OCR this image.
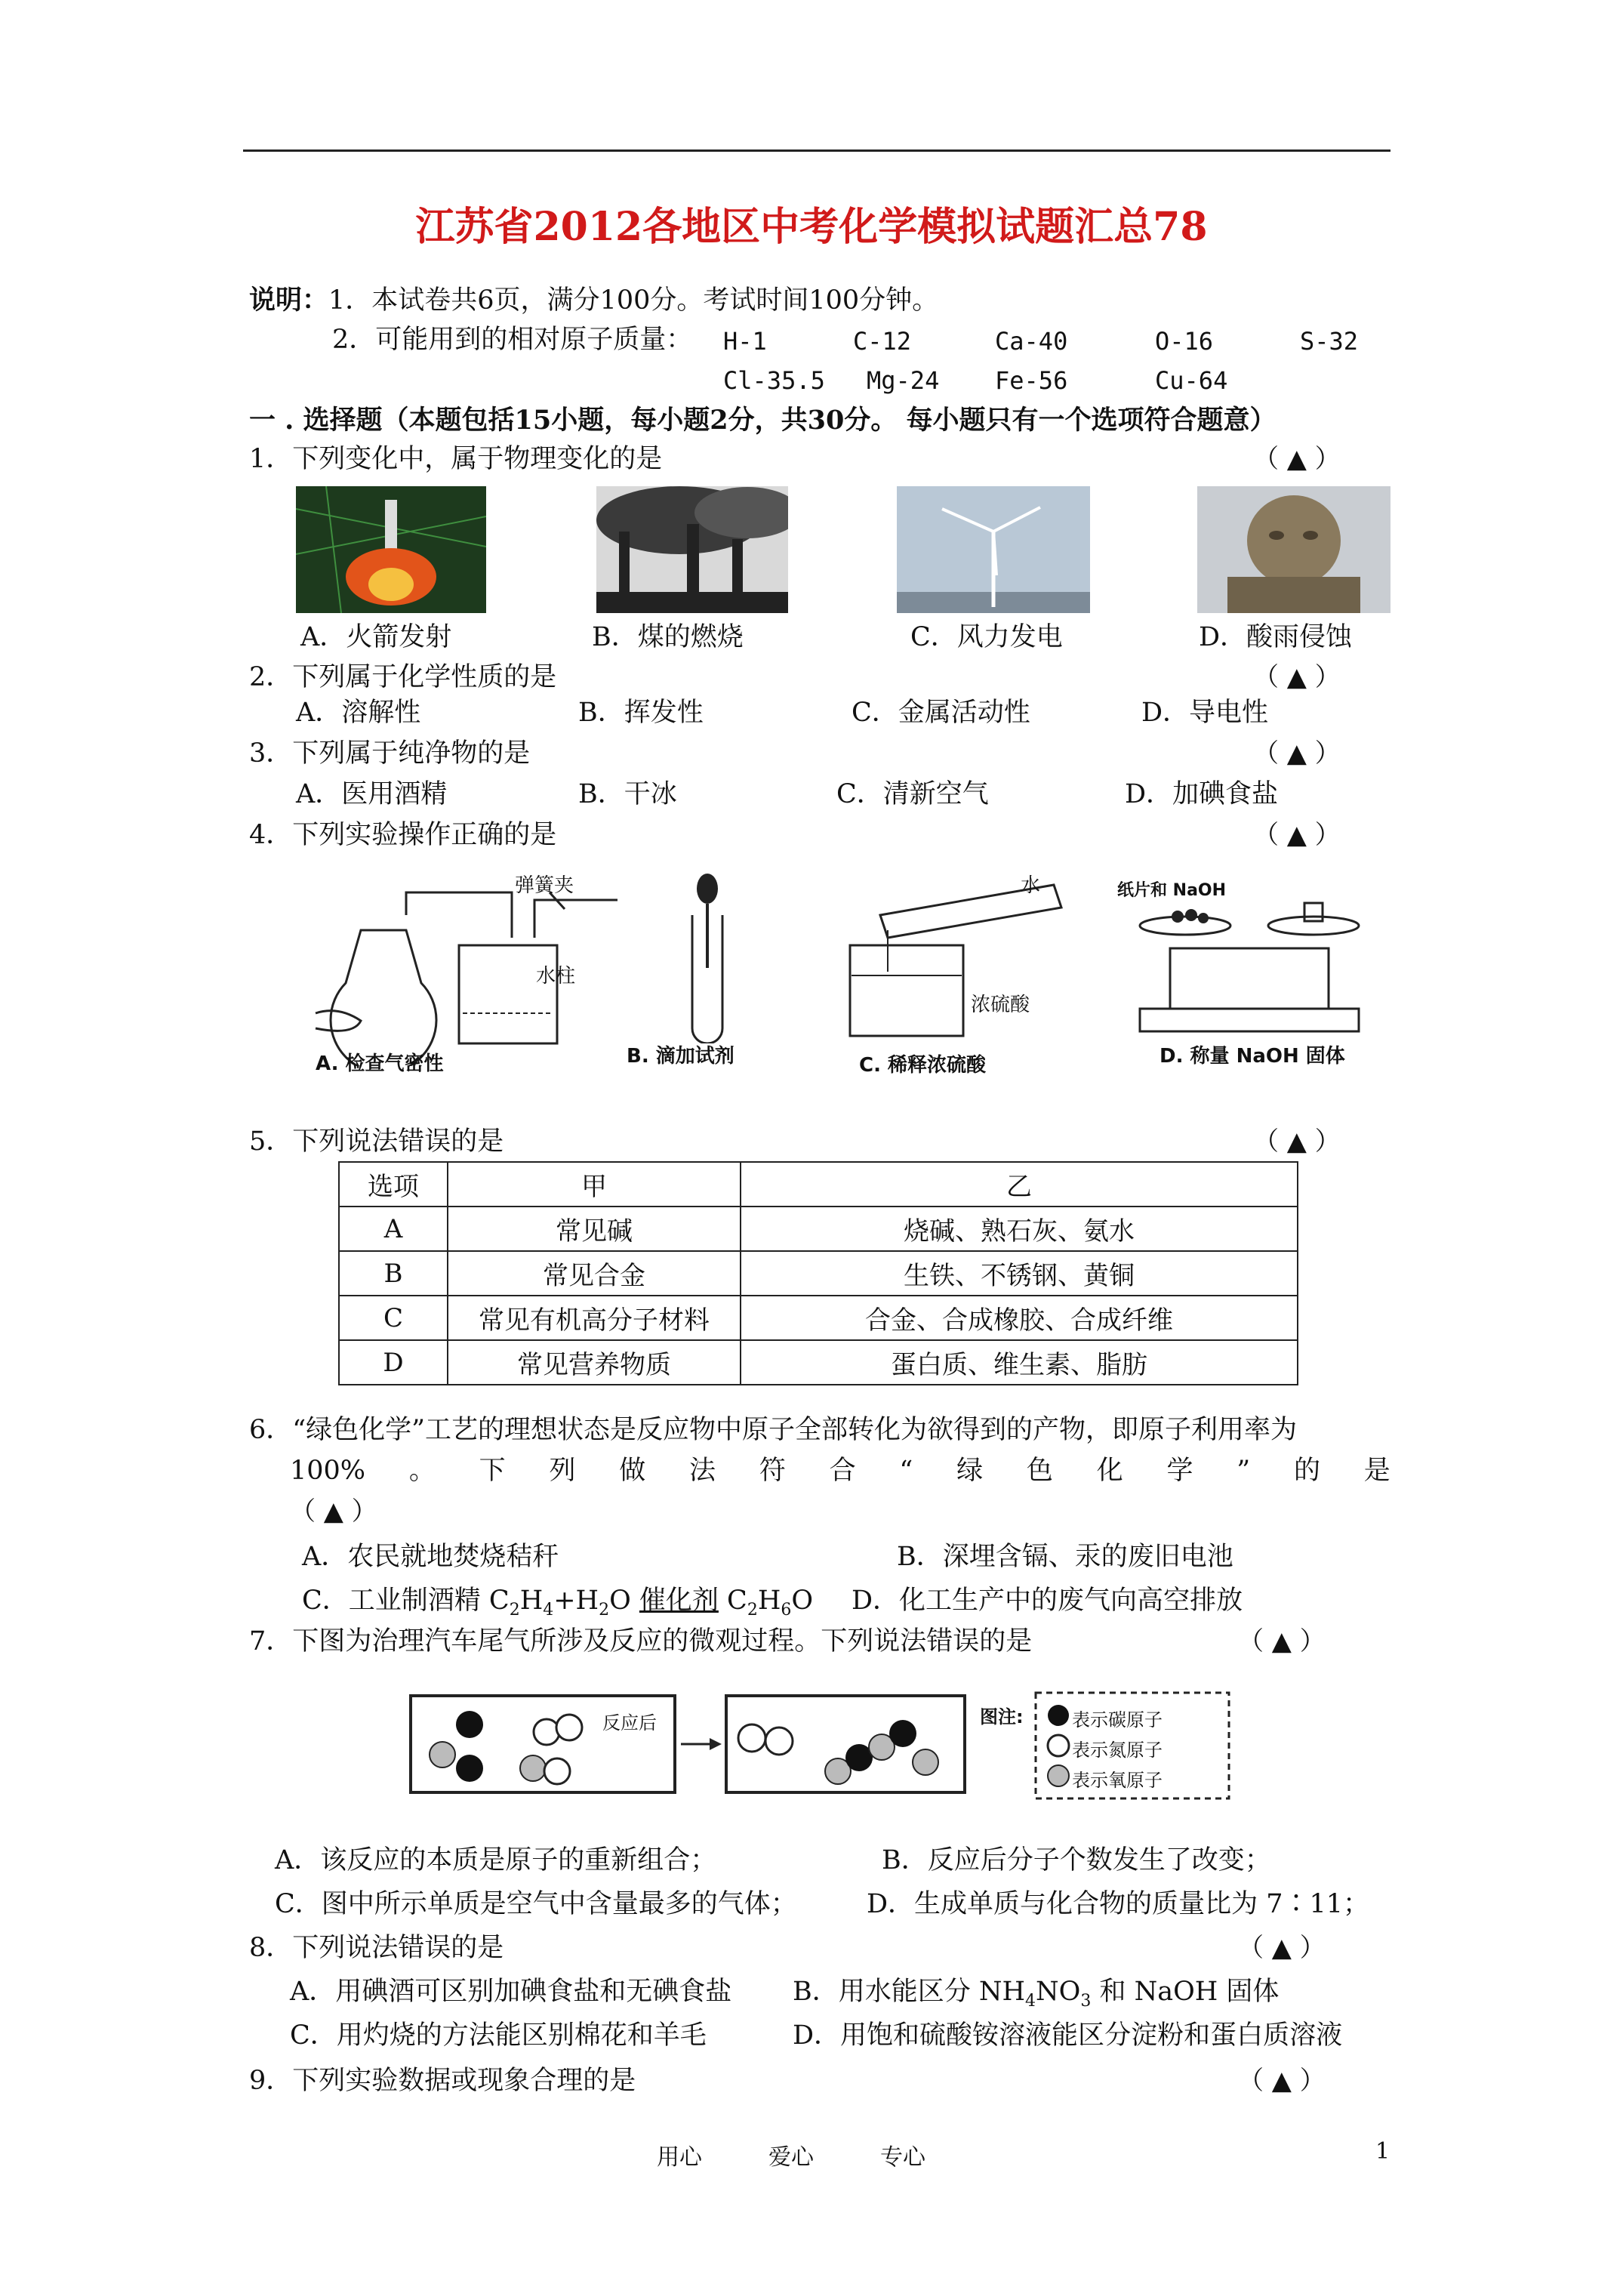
江苏省2012各地区中考化学模拟试题汇总78
说明：1．本试卷共6页，满分100分。考试时间100分钟。
2．可能用到的相对原子质量： H-1	C-12	Ca-40	O-16	S-32
Cl-35.5 Mg-24 Fe-56	Cu-64
一 . 选择题（本题包括15小题，每小题2分，共30分。 每小题只有一个选项符合题意）
1．下列变化中，属于物理变化的是	（ ▲ ）
A．火箭发射	B．煤的燃烧	C．风力发电	D．酸雨侵蚀
2．下列属于化学性质的是	（ ▲ ）
A．溶解性	B．挥发性	C．金属活动性	D．导电性
3．下列属于纯净物的是	（ ▲ ）
A．医用酒精	B．干冰	C．清新空气	D．加碘食盐
4．下列实验操作正确的是	（ ▲ ）
弹簧夹
水柱
A. 检查气密性	B. 滴加试剂
水
浓硫酸
C. 稀释浓硫酸
纸片和 NaOH
D. 称量 NaOH 固体
5．下列说法错误的是	（ ▲ ）
选项	甲	乙
A	常见碱	烧碱、熟石灰、氨水
B	常见合金	生铁、不锈钢、黄铜
C	常见有机高分子材料	合金、合成橡胶、合成纤维
D	常见营养物质	蛋白质、维生素、脂肪
6．“绿色化学”工艺的理想状态是反应物中原子全部转化为欲得到的产物，即原子利用率为
100% 。 下 列 做 法 符 合 “ 绿 色 化 学 ” 的 是
（ ▲ ）
A．农民就地焚烧秸秆	B．深埋含镉、汞的废旧电池
C．工业制酒精 $C_2H_4+H_2O$ 催化剂 $C_2H_6O$ D．化工生产中的废气向高空排放
7．下图为治理汽车尾气所涉及反应的微观过程。下列说法错误的是	（ ▲ ）
反应后	图注:	表示碳原子
表示氮原子
表示氧原子
A．该反应的本质是原子的重新组合；	B．反应后分子个数发生了改变；
C．图中所示单质是空气中含量最多的气体；	D．生成单质与化合物的质量比为 7∶11；
8．下列说法错误的是	（ ▲ ）
A．用碘酒可区别加碘食盐和无碘食盐 B．用水能区分 $NH_4NO_3$ 和 NaOH 固体
C．用灼烧的方法能区别棉花和羊毛	D．用饱和硫酸铵溶液能区分淀粉和蛋白质溶液
9．下列实验数据或现象合理的是	（ ▲ ）
用心	爱心	专心	1
